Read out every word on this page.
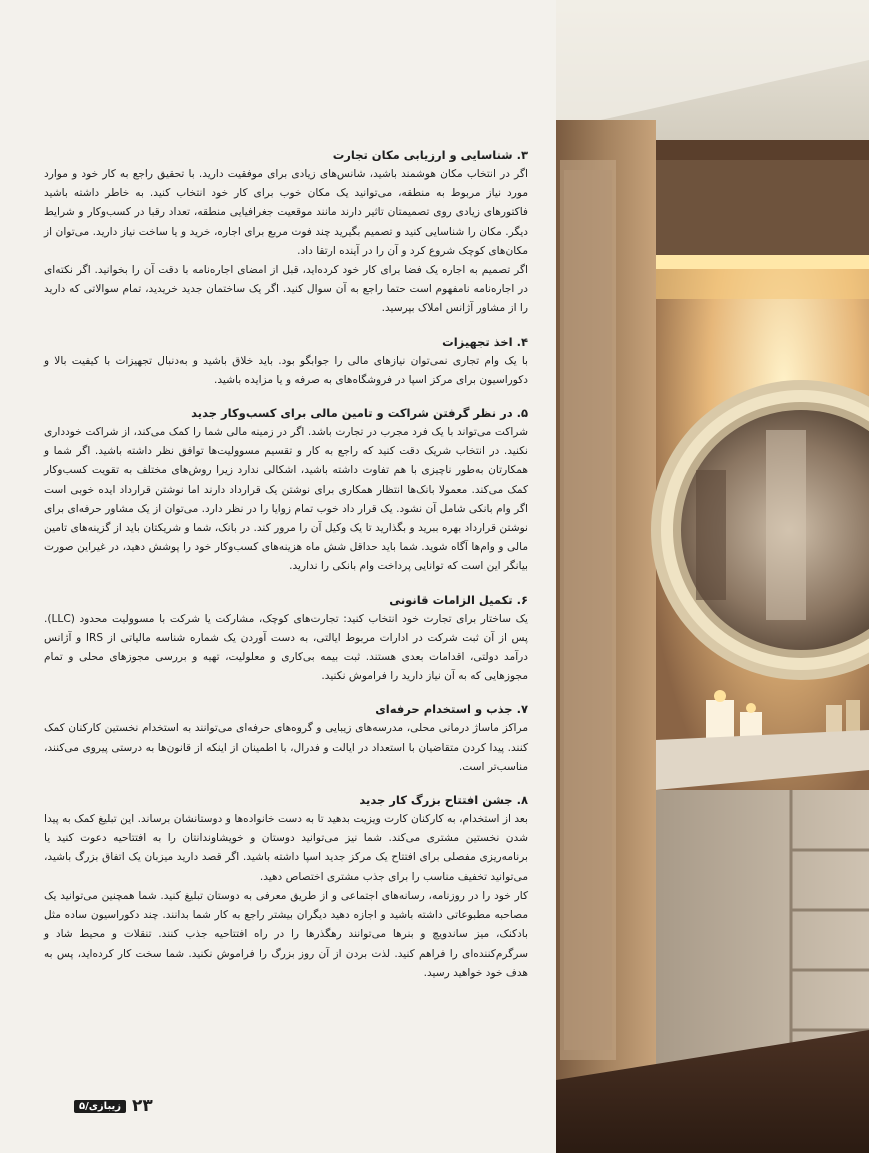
۳. شناسایی و ارزیابی مکان تجارت

اگر در انتخاب مکان هوشمند باشید، شانس‌های زیادی برای موفقیت دارید. با تحقیق راجع به کار خود و موارد مورد نیاز مربوط به منطقه، می‌توانید یک مکان خوب برای کار خود انتخاب کنید. به خاطر داشته باشید فاکتورهای زیادی روی تصمیمتان تاثیر دارند مانند موقعیت جغرافیایی منطقه، تعداد رقبا در کسب‌وکار و شرایط دیگر. مکان را شناسایی کنید و تصمیم بگیرید چند فوت مربع برای اجاره، خرید و یا ساخت نیاز دارید. می‌توان از مکان‌های کوچک شروع کرد و آن را در آینده ارتقا داد.

اگر تصمیم به اجاره یک فضا برای کار خود کرده‌اید، قبل از امضای اجاره‌نامه با دقت آن را بخوانید. اگر نکته‌ای در اجاره‌نامه نامفهوم است حتما راجع به آن سوال کنید. اگر یک ساختمان جدید خریدید، تمام سوالاتی که دارید را از مشاور آژانس املاک بپرسید.

۴. اخذ تجهیزات

با یک وام تجاری نمی‌توان نیازهای مالی را جوابگو بود. باید خلاق باشید و به‌دنبال تجهیزات با کیفیت بالا و دکوراسیون برای مرکز اسپا در فروشگاه‌های به صرفه و یا مزایده باشید.

۵. در نظر گرفتن شراکت و تامین مالی برای کسب‌وکار جدید

شراکت می‌تواند با یک فرد مجرب در تجارت باشد. اگر در زمینه مالی شما را کمک می‌کند، از شراکت خودداری نکنید. در انتخاب شریک دقت کنید که راجع به کار و تقسیم مسوولیت‌ها توافق نظر داشته باشید. اگر شما و همکارتان به‌طور ناچیزی با هم تفاوت داشته باشید، اشکالی ندارد زیرا روش‌های مختلف به تقویت کسب‌وکار کمک می‌کند. معمولا بانک‌ها انتظار همکاری برای نوشتن یک قرارداد دارند اما نوشتن قرارداد ایده خوبی است اگر وام بانکی شامل آن نشود. یک قرار داد خوب تمام زوایا را در نظر دارد. می‌توان از یک مشاور حرفه‌ای برای نوشتن قرارداد بهره ببرید و بگذارید تا یک وکیل آن را مرور کند. در بانک، شما و شریکتان باید از گزینه‌های تامین مالی و وام‌ها آگاه شوید. شما باید حداقل شش ماه هزینه‌های کسب‌وکار خود را پوشش دهید، در غیراین صورت بیانگر این است که توانایی پرداخت وام بانکی را ندارید.

۶. تکمیل الزامات قانونی

یک ساختار برای تجارت خود انتخاب کنید: تجارت‌های کوچک، مشارکت یا شرکت با مسوولیت محدود (LLC). پس از آن ثبت شرکت در ادارات مربوط ایالتی، به دست آوردن یک شماره شناسه مالیاتی از IRS و آژانس درآمد دولتی، اقدامات بعدی هستند. ثبت بیمه بی‌کاری و معلولیت، تهیه و بررسی مجوزهای محلی و تمام مجوزهایی که به آن نیاز دارید را فراموش نکنید.

۷. جذب و استخدام حرفه‌ای

مراکز ماساژ درمانی محلی، مدرسه‌های زیبایی و گروه‌های حرفه‌ای می‌توانند به استخدام نخستین کارکنان کمک کنند. پیدا کردن متقاضیان با استعداد در ایالت و فدرال، با اطمینان از اینکه از قانون‌ها به درستی پیروی می‌کنند، مناسب‌تر است.

۸. جشن افتتاح بزرگ کار جدید

بعد از استخدام، به کارکنان کارت ویزیت بدهید تا به دست خانواده‌ها و دوستانشان برساند. این تبلیغ کمک به پیدا شدن نخستین مشتری می‌کند. شما نیز می‌توانید دوستان و خویشاوندانتان را به افتتاحیه دعوت کنید یا برنامه‌ریزی مفصلی برای افتتاح یک مرکز جدید اسپا داشته باشید. اگر قصد دارید میزبان یک اتفاق بزرگ باشید، می‌توانید تخفیف مناسب را برای جذب مشتری اختصاص دهید.

کار خود را در روزنامه، رسانه‌های اجتماعی و از طریق معرفی به دوستان تبلیغ کنید. شما همچنین می‌توانید یک مصاحبه مطبوعاتی داشته باشید و اجازه دهید دیگران بیشتر راجع به کار شما بدانند. چند دکوراسیون ساده مثل بادکنک، میز ساندویچ و بنرها می‌توانند رهگذرها را در راه افتتاحیه جذب کنند. تنقلات و محیط شاد و سرگرم‌کننده‌ای را فراهم کنید. لذت بردن از آن روز بزرگ را فراموش نکنید. شما سخت کار کرده‌اید، پس به هدف خود خواهید رسید.

۲۳
زیبازی/۵
